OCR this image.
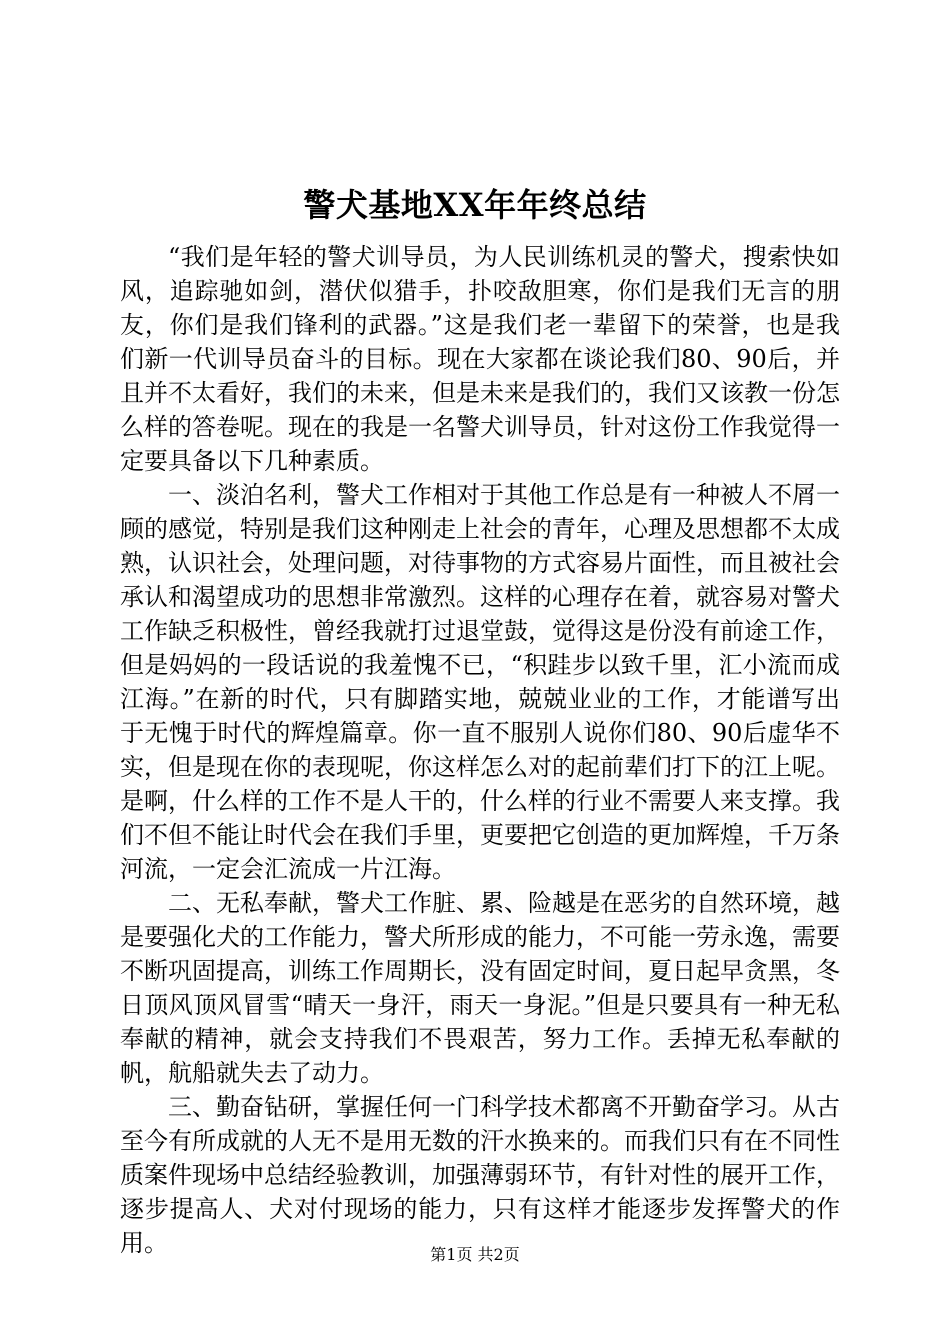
警犬基地XX年年终总结

“我们是年轻的警犬训导员，为人民训练机灵的警犬，搜索快如风，追踪驰如剑，潜伏似猎手，扑咬敌胆寒，你们是我们无言的朋友，你们是我们锋利的武器。”这是我们老一辈留下的荣誉，也是我们新一代训导员奋斗的目标。现在大家都在谈论我们80、90后，并且并不太看好，我们的未来，但是未来是我们的，我们又该教一份怎么样的答卷呢。现在的我是一名警犬训导员，针对这份工作我觉得一定要具备以下几种素质。

一、淡泊名利，警犬工作相对于其他工作总是有一种被人不屑一顾的感觉，特别是我们这种刚走上社会的青年，心理及思想都不太成熟，认识社会，处理问题，对待事物的方式容易片面性，而且被社会承认和渴望成功的思想非常激烈。这样的心理存在着，就容易对警犬工作缺乏积极性，曾经我就打过退堂鼓，觉得这是份没有前途工作，但是妈妈的一段话说的我羞愧不已，“积跬步以致千里，汇小流而成江海。”在新的时代，只有脚踏实地，兢兢业业的工作，才能谱写出于无愧于时代的辉煌篇章。你一直不服别人说你们80、90后虚华不实，但是现在你的表现呢，你这样怎么对的起前辈们打下的江上呢。是啊，什么样的工作不是人干的，什么样的行业不需要人来支撑。我们不但不能让时代会在我们手里，更要把它创造的更加辉煌，千万条河流，一定会汇流成一片江海。

二、无私奉献，警犬工作脏、累、险越是在恶劣的自然环境，越是要强化犬的工作能力，警犬所形成的能力，不可能一劳永逸，需要不断巩固提高，训练工作周期长，没有固定时间，夏日起早贪黑，冬日顶风顶风冒雪“晴天一身汗，雨天一身泥。”但是只要具有一种无私奉献的精神，就会支持我们不畏艰苦，努力工作。丢掉无私奉献的帆，航船就失去了动力。

三、勤奋钻研，掌握任何一门科学技术都离不开勤奋学习。从古至今有所成就的人无不是用无数的汗水换来的。而我们只有在不同性质案件现场中总结经验教训，加强薄弱环节，有针对性的展开工作，逐步提高人、犬对付现场的能力，只有这样才能逐步发挥警犬的作用。	第1页 共2页
